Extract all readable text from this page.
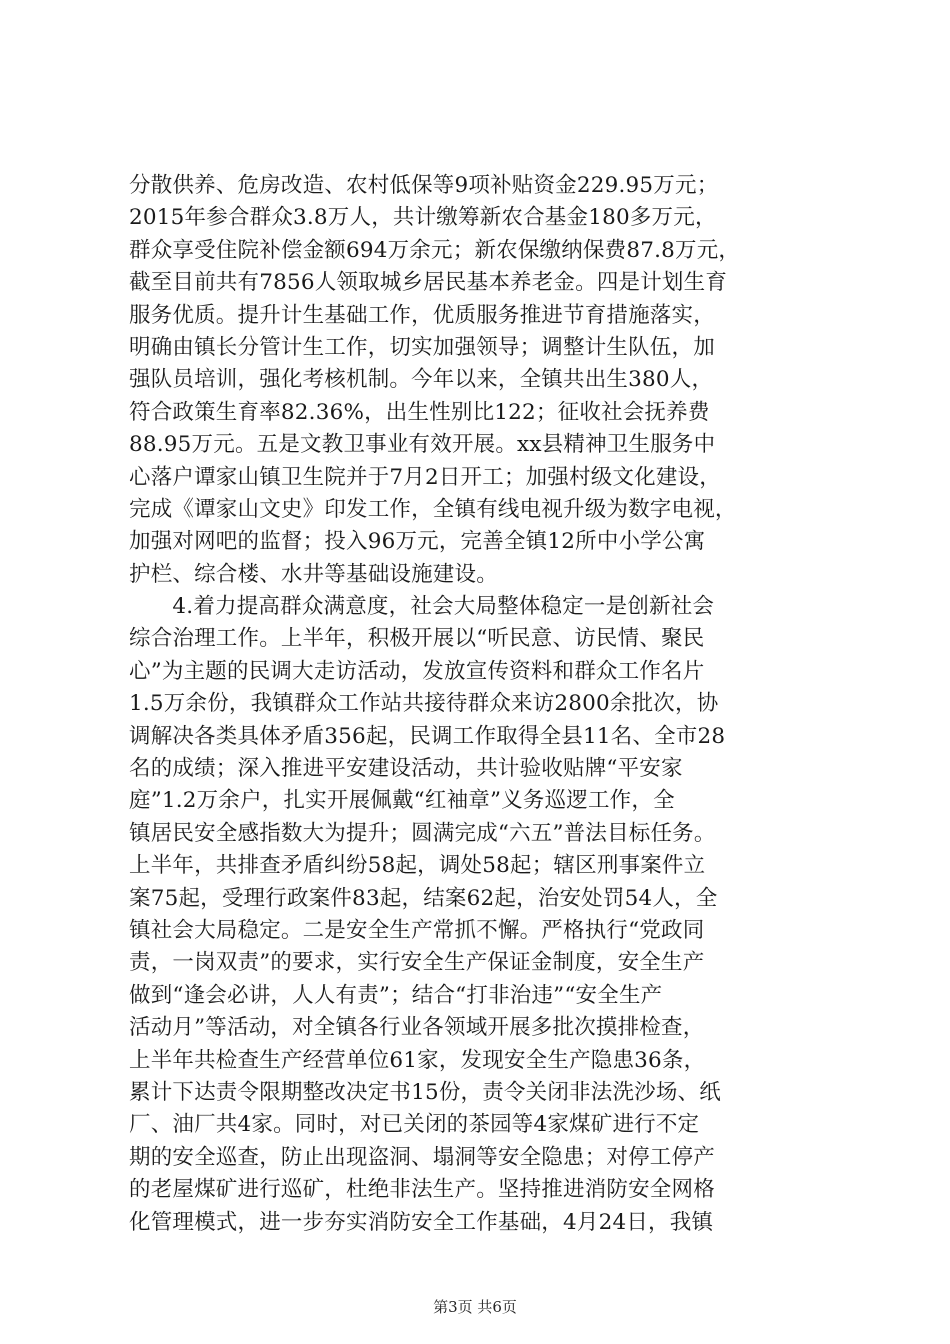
分散供养、危房改造、农村低保等9项补贴资金229.95万元；
2015年参合群众3.8万人，共计缴筹新农合基金180多万元，
群众享受住院补偿金额694万余元；新农保缴纳保费87.8万元，
截至目前共有7856人领取城乡居民基本养老金。四是计划生育
服务优质。提升计生基础工作，优质服务推进节育措施落实，
明确由镇长分管计生工作，切实加强领导；调整计生队伍，加
强队员培训，强化考核机制。今年以来，全镇共出生380人，
符合政策生育率82.36%，出生性别比122；征收社会抚养费
88.95万元。五是文教卫事业有效开展。xx县精神卫生服务中
心落户谭家山镇卫生院并于7月2日开工；加强村级文化建设，
完成《谭家山文史》印发工作，全镇有线电视升级为数字电视，
加强对网吧的监督；投入96万元，完善全镇12所中小学公寓
护栏、综合楼、水井等基础设施建设。
　　4.着力提高群众满意度，社会大局整体稳定一是创新社会
综合治理工作。上半年，积极开展以“听民意、访民情、聚民
心”为主题的民调大走访活动，发放宣传资料和群众工作名片
1.5万余份，我镇群众工作站共接待群众来访2800余批次，协
调解决各类具体矛盾356起，民调工作取得全县11名、全市28
名的成绩；深入推进平安建设活动，共计验收贴牌“平安家
庭”1.2万余户，扎实开展佩戴“红袖章”义务巡逻工作，全
镇居民安全感指数大为提升；圆满完成“六五”普法目标任务。
上半年，共排查矛盾纠纷58起，调处58起；辖区刑事案件立
案75起，受理行政案件83起，结案62起，治安处罚54人，全
镇社会大局稳定。二是安全生产常抓不懈。严格执行“党政同
责，一岗双责”的要求，实行安全生产保证金制度，安全生产
做到“逢会必讲，人人有责”；结合“打非治违”“安全生产
活动月”等活动，对全镇各行业各领域开展多批次摸排检查，
上半年共检查生产经营单位61家，发现安全生产隐患36条，
累计下达责令限期整改决定书15份，责令关闭非法洗沙场、纸
厂、油厂共4家。同时，对已关闭的茶园等4家煤矿进行不定
期的安全巡查，防止出现盗洞、塌洞等安全隐患；对停工停产
的老屋煤矿进行巡矿，杜绝非法生产。坚持推进消防安全网格
化管理模式，进一步夯实消防安全工作基础，4月24日，我镇
第3页 共6页
